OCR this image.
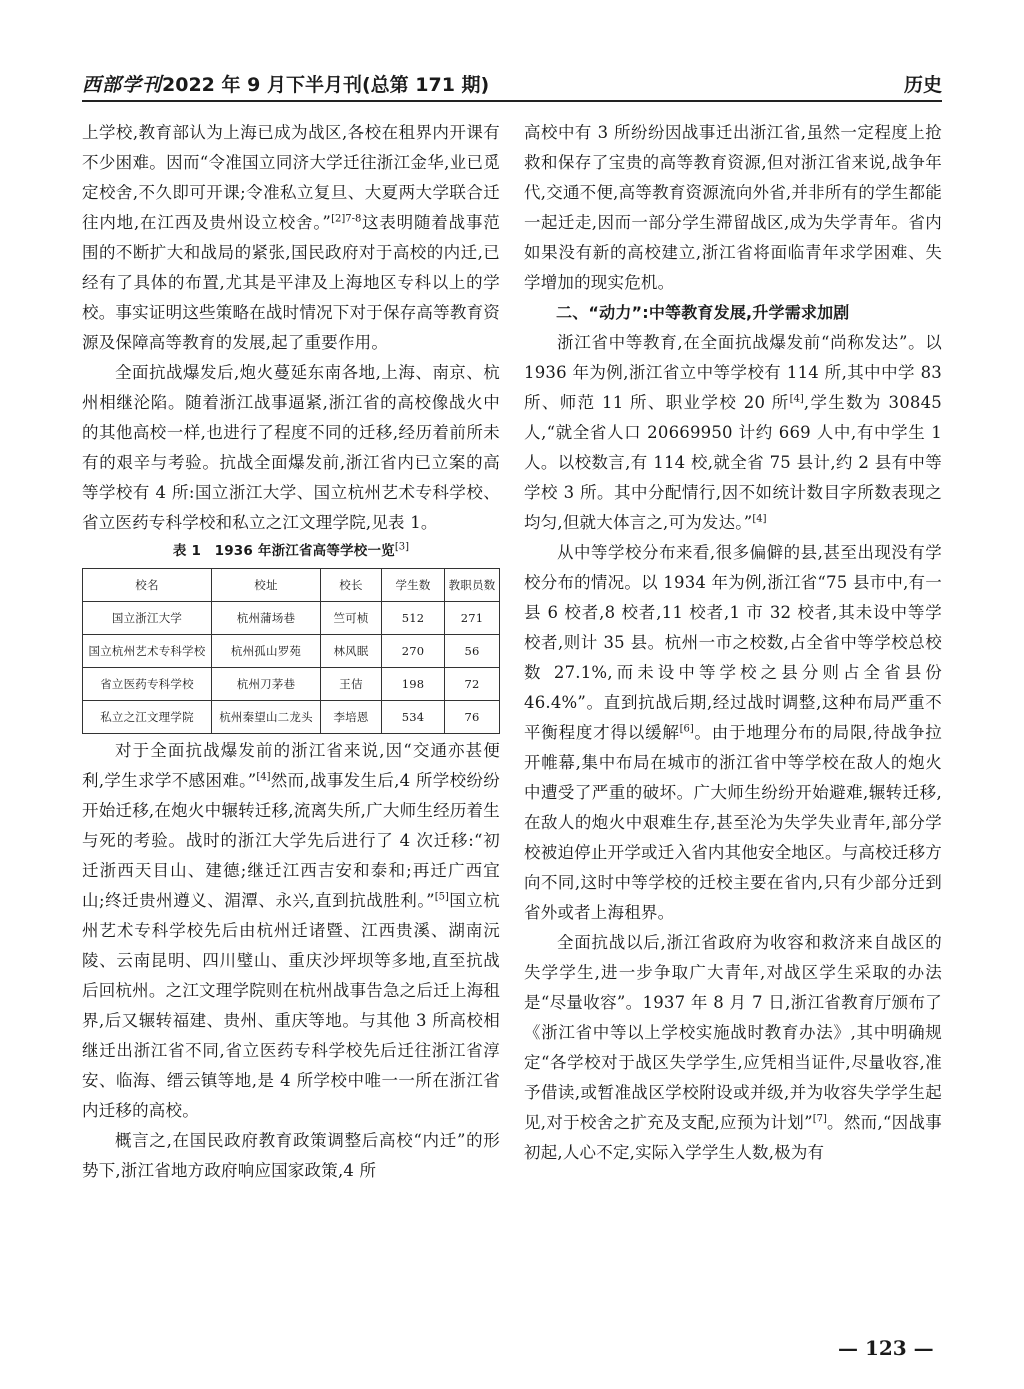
西部学刊2022 年 9 月下半月刊(总第 171 期)	历史

上学校,教育部认为上海已成为战区,各校在租界内开课有不少困难。因而“令准国立同济大学迁往浙江金华,业已觅定校舍,不久即可开课;令准私立复旦、大夏两大学联合迁往内地,在江西及贵州设立校舍。”$^{[2]7-8}$这表明随着战事范围的不断扩大和战局的紧张,国民政府对于高校的内迁,已经有了具体的布置,尤其是平津及上海地区专科以上的学校。事实证明这些策略在战时情况下对于保存高等教育资源及保障高等教育的发展,起了重要作用。

全面抗战爆发后,炮火蔓延东南各地,上海、南京、杭州相继沦陷。随着浙江战事逼紧,浙江省的高校像战火中的其他高校一样,也进行了程度不同的迁移,经历着前所未有的艰辛与考验。抗战全面爆发前,浙江省内已立案的高等学校有 4 所:国立浙江大学、国立杭州艺术专科学校、省立医药专科学校和私立之江文理学院,见表 1。

表 1 1936 年浙江省高等学校一览[3]
校名	校址	校长	学生数	教职员数
国立浙江大学	杭州蒲场巷	竺可桢	512	271
国立杭州艺术专科学校	杭州孤山罗苑	林风眠	270	56
省立医药专科学校	杭州刀茅巷	王佶	198	72
私立之江文理学院	杭州秦望山二龙头	李培恩	534	76

对于全面抗战爆发前的浙江省来说,因“交通亦甚便利,学生求学不感困难。”[4]然而,战事发生后,4 所学校纷纷开始迁移,在炮火中辗转迁移,流离失所,广大师生经历着生与死的考验。战时的浙江大学先后进行了 4 次迁移:“初迁浙西天目山、建德;继迁江西吉安和泰和;再迁广西宜山;终迁贵州遵义、湄潭、永兴,直到抗战胜利。”[5]国立杭州艺术专科学校先后由杭州迁诸暨、江西贵溪、湖南沅陵、云南昆明、四川璧山、重庆沙坪坝等多地,直至抗战后回杭州。之江文理学院则在杭州战事告急之后迁上海租界,后又辗转福建、贵州、重庆等地。与其他 3 所高校相继迁出浙江省不同,省立医药专科学校先后迁往浙江省淳安、临海、缙云镇等地,是 4 所学校中唯一一所在浙江省内迁移的高校。

概言之,在国民政府教育政策调整后高校“内迁”的形势下,浙江省地方政府响应国家政策,4 所

高校中有 3 所纷纷因战事迁出浙江省,虽然一定程度上抢救和保存了宝贵的高等教育资源,但对浙江省来说,战争年代,交通不便,高等教育资源流向外省,并非所有的学生都能一起迁走,因而一部分学生滞留战区,成为失学青年。省内如果没有新的高校建立,浙江省将面临青年求学困难、失学增加的现实危机。

二、“动力”:中等教育发展,升学需求加剧

浙江省中等教育,在全面抗战爆发前“尚称发达”。以 1936 年为例,浙江省立中等学校有 114 所,其中中学 83 所、师范 11 所、职业学校 20 所[4],学生数为 30845 人,“就全省人口 20669950 计约 669 人中,有中学生 1 人。以校数言,有 114 校,就全省 75 县计,约 2 县有中等学校 3 所。其中分配情行,因不如统计数目字所数表现之均匀,但就大体言之,可为发达。”[4]

从中等学校分布来看,很多偏僻的县,甚至出现没有学校分布的情况。以 1934 年为例,浙江省“75 县市中,有一县 6 校者,8 校者,11 校者,1 市 32 校者,其未设中等学校者,则计 35 县。杭州一市之校数,占全省中等学校总校数 27.1%,而未设中等学校之县分则占全省县份 46.4%”。直到抗战后期,经过战时调整,这种布局严重不平衡程度才得以缓解[6]。由于地理分布的局限,待战争拉开帷幕,集中布局在城市的浙江省中等学校在敌人的炮火中遭受了严重的破坏。广大师生纷纷开始避难,辗转迁移,在敌人的炮火中艰难生存,甚至沦为失学失业青年,部分学校被迫停止开学或迁入省内其他安全地区。与高校迁移方向不同,这时中等学校的迁校主要在省内,只有少部分迁到省外或者上海租界。

全面抗战以后,浙江省政府为收容和救济来自战区的失学学生,进一步争取广大青年,对战区学生采取的办法是“尽量收容”。1937 年 8 月 7 日,浙江省教育厅颁布了《浙江省中等以上学校实施战时教育办法》,其中明确规定“各学校对于战区失学学生,应凭相当证件,尽量收容,准予借读,或暂准战区学校附设或并级,并为收容失学学生起见,对于校舍之扩充及支配,应预为计划”[7]。然而,“因战事初起,人心不定,实际入学学生人数,极为有

— 123 —
